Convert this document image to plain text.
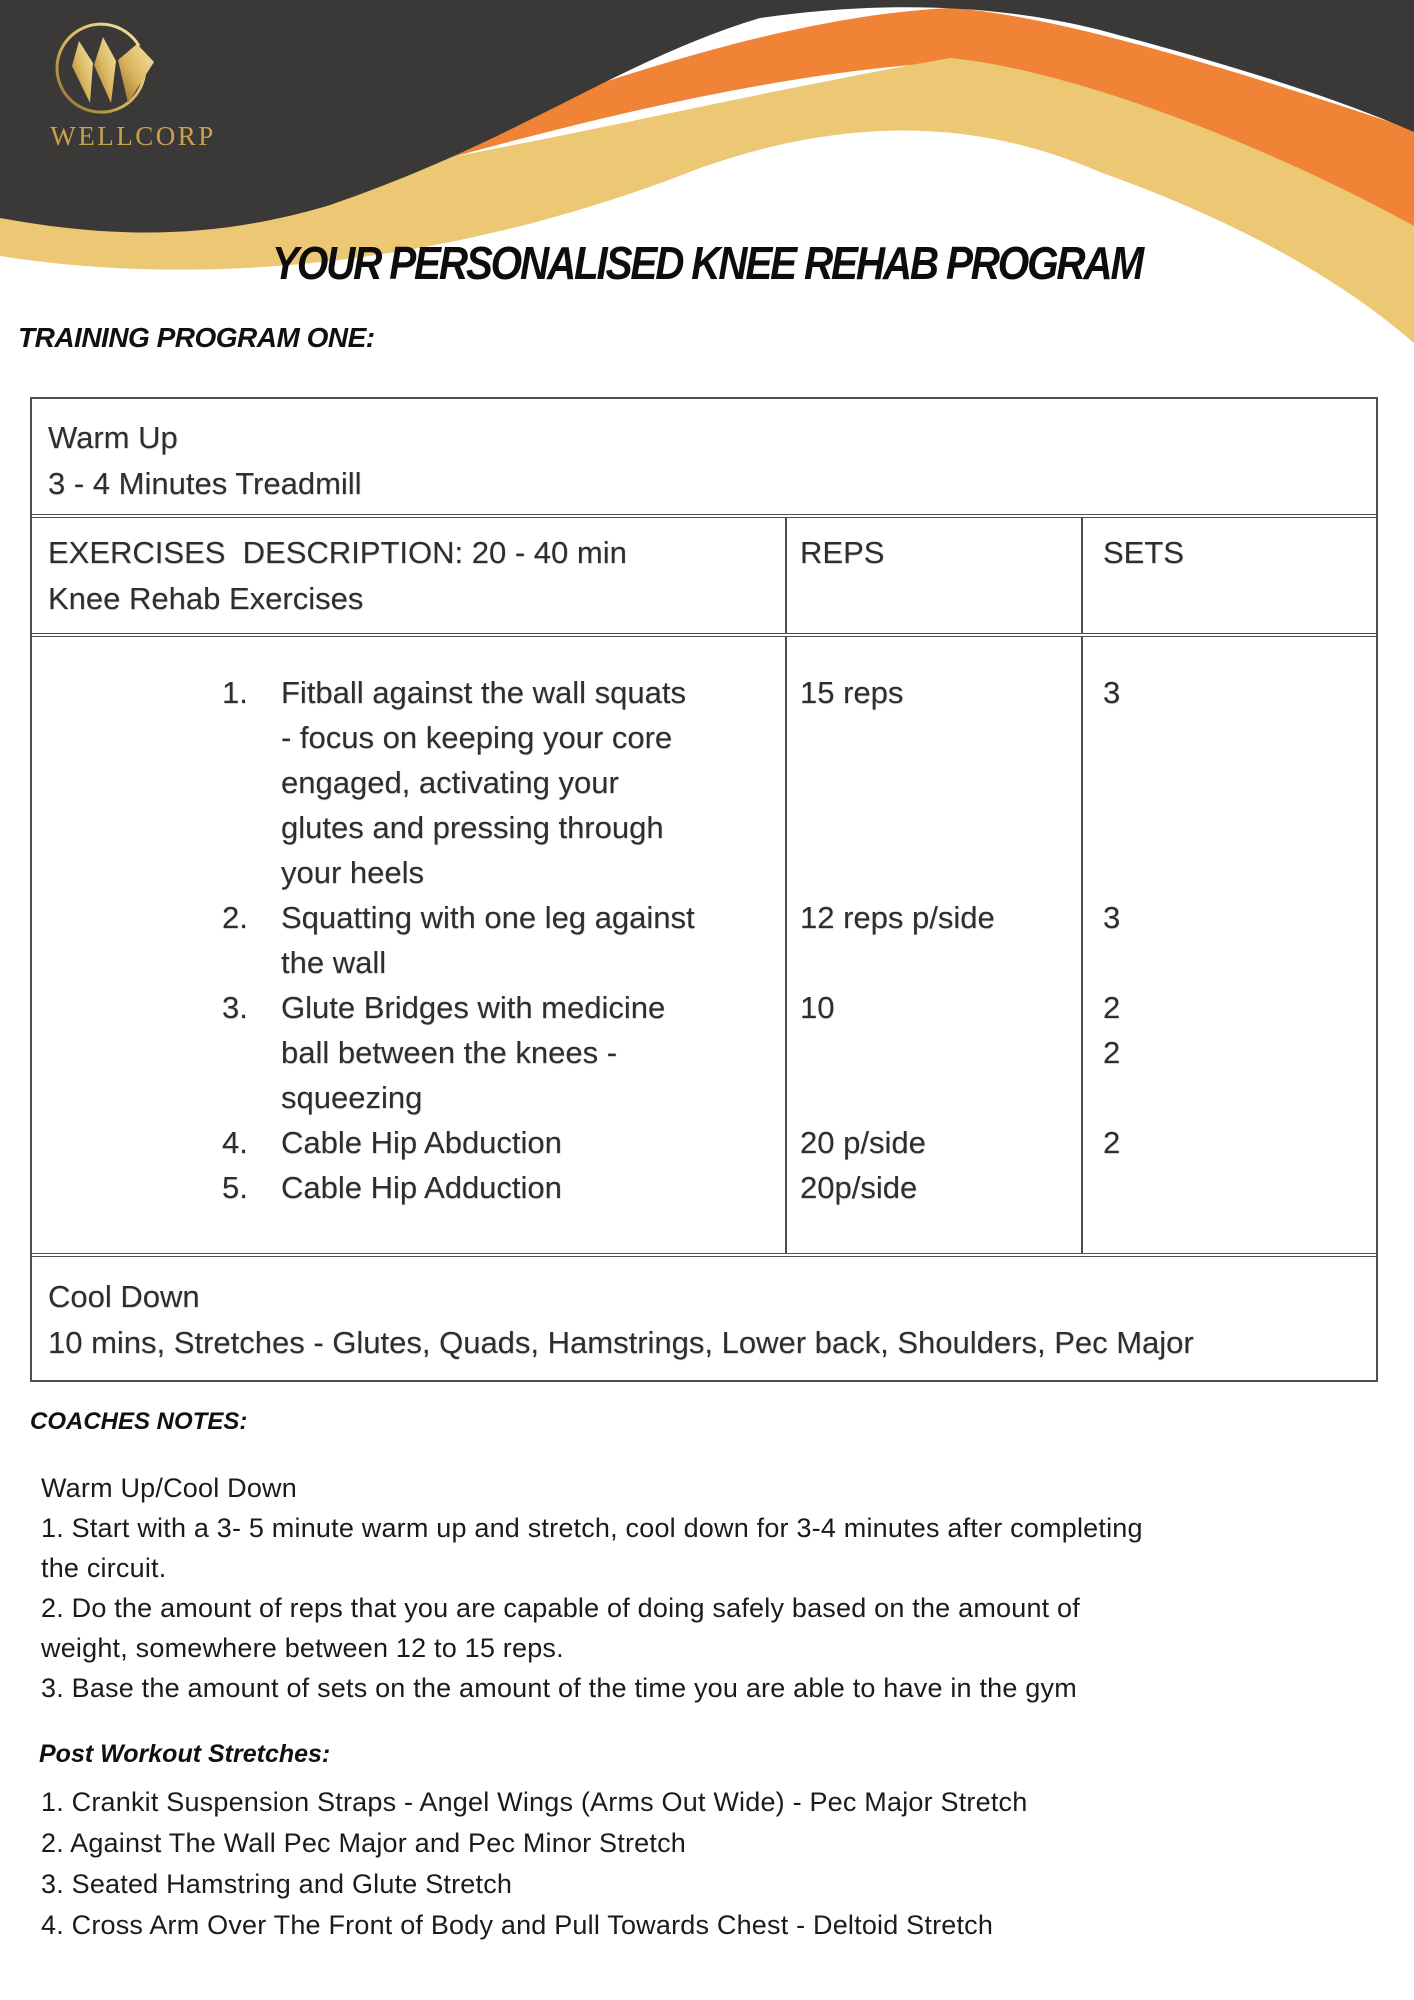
WELLCORP
YOUR PERSONALISED KNEE REHAB PROGRAM
TRAINING PROGRAM ONE:
Warm Up
3 - 4 Minutes Treadmill
EXERCISES  DESCRIPTION: 20 - 40 min
Knee Rehab Exercises
REPS	SETS
1. Fitball against the wall squats
- focus on keeping your core
engaged, activating your
glutes and pressing through
your heels
2. Squatting with one leg against
the wall
3. Glute Bridges with medicine
ball between the knees -
squeezing
4. Cable Hip Abduction
5. Cable Hip Adduction
15 reps
12 reps p/side
10
20 p/side
20p/side
3
3
2
2
2
Cool Down
10 mins, Stretches - Glutes, Quads, Hamstrings, Lower back, Shoulders, Pec Major
COACHES NOTES:
Warm Up/Cool Down
1. Start with a 3- 5 minute warm up and stretch, cool down for 3-4 minutes after completing
the circuit.
2. Do the amount of reps that you are capable of doing safely based on the amount of
weight, somewhere between 12 to 15 reps.
3. Base the amount of sets on the amount of the time you are able to have in the gym
Post Workout Stretches:
1. Crankit Suspension Straps - Angel Wings (Arms Out Wide) - Pec Major Stretch
2. Against The Wall Pec Major and Pec Minor Stretch
3. Seated Hamstring and Glute Stretch
4. Cross Arm Over The Front of Body and Pull Towards Chest - Deltoid Stretch
